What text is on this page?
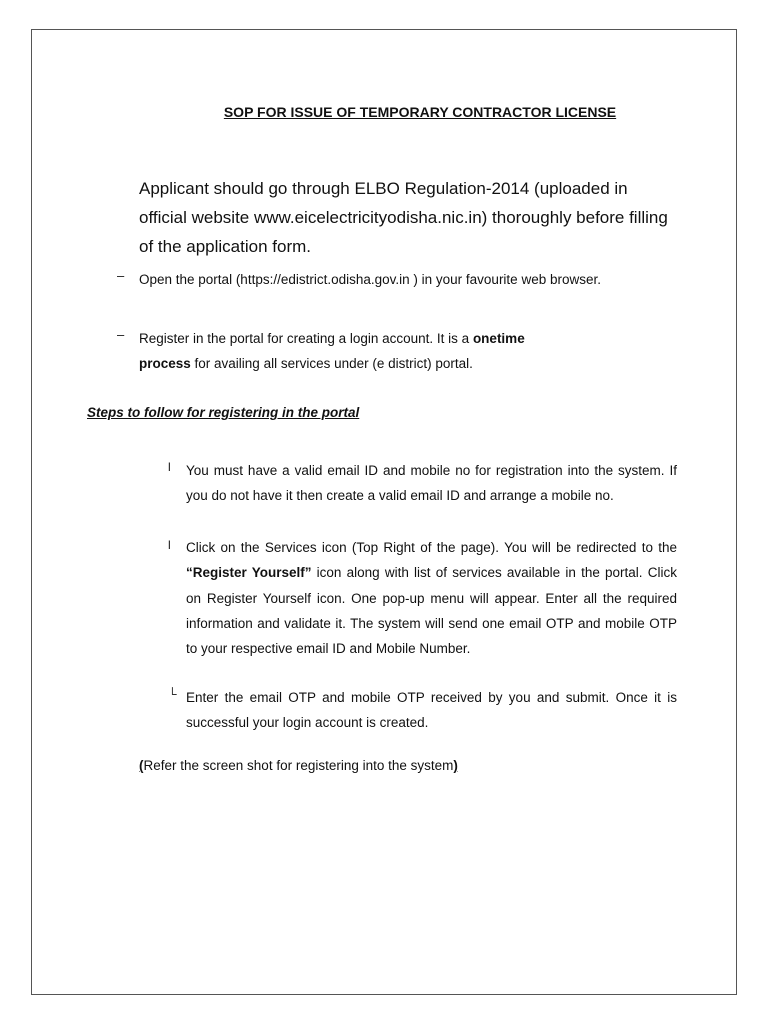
SOP FOR ISSUE OF TEMPORARY CONTRACTOR LICENSE
Applicant should go through ELBO Regulation-2014 (uploaded in official website www.eicelectricityodisha.nic.in) thoroughly before filling of the application form.
– Open the portal (https://edistrict.odisha.gov.in ) in your favourite web browser.
– Register in the portal for creating a login account. It is a onetime
process for availing all services under (e district) portal.
Steps to follow for registering in the portal
l You must have a valid email ID and mobile no for registration into the system. If you do not have it then create a valid email ID and arrange a mobile no.
l Click on the Services icon (Top Right of the page). You will be redirected to the “Register Yourself” icon along with list of services available in the portal. Click on Register Yourself icon. One pop-up menu will appear. Enter all the required information and validate it. The system will send one email OTP and mobile OTP to your respective email ID and Mobile Number.
└ Enter the email OTP and mobile OTP received by you and submit. Once it is successful your login account is created.
(Refer the screen shot for registering into the system)
